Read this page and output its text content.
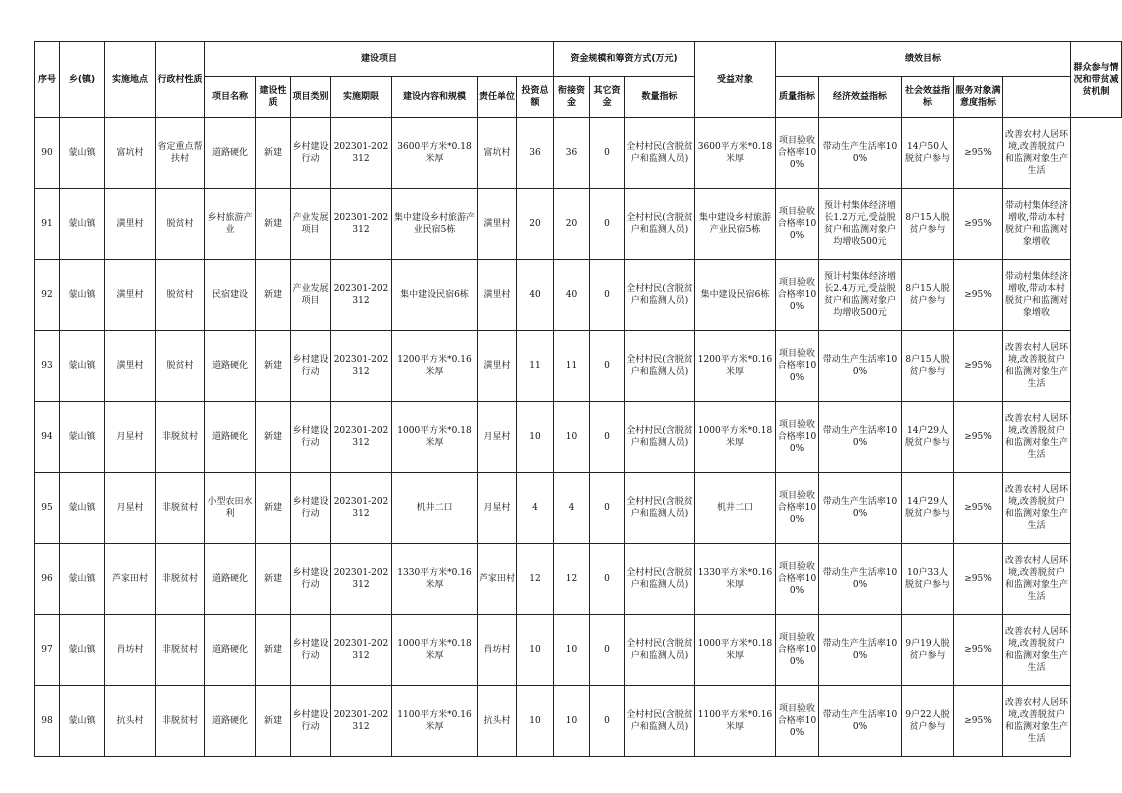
序号	乡(镇)	实施地点	行政村性质	建设项目							资金规模和筹资方式(万元)			受益对象	绩效目标					群众参与情况和带贫减贫机制
				项目名称	建设性质	项目类别	实施期限	建设内容和规模	责任单位	投资总额	衔接资金	其它资金	数量指标		质量指标	经济效益指标	社会效益指标	服务对象满意度指标		
90	蒙山镇	富坑村	省定重点帮扶村	道路硬化	新建	乡村建设行动	202301-202312	3600平方米*0.18米厚	富坑村	36	36	0	全村村民(含脱贫户和监测人员)	3600平方米*0.18米厚	项目验收合格率100%	带动生产生活率100%	14户50人脱贫户参与	≥95%	改善农村人居环境,改善脱贫户和监测对象生产生活	
91	蒙山镇	潢里村	脱贫村	乡村旅游产业	新建	产业发展项目	202301-202312	集中建设乡村旅游产业民宿5栋	潢里村	20	20	0	全村村民(含脱贫户和监测人员)	集中建设乡村旅游产业民宿5栋	项目验收合格率100%	预计村集体经济增长1.2万元,受益脱贫户和监测对象户均增收500元	8户15人脱贫户参与	≥95%	带动村集体经济增收,带动本村脱贫户和监测对象增收	
92	蒙山镇	潢里村	脱贫村	民宿建设	新建	产业发展项目	202301-202312	集中建设民宿6栋	潢里村	40	40	0	全村村民(含脱贫户和监测人员)	集中建设民宿6栋	项目验收合格率100%	预计村集体经济增长2.4万元,受益脱贫户和监测对象户均增收500元	8户15人脱贫户参与	≥95%	带动村集体经济增收,带动本村脱贫户和监测对象增收	
93	蒙山镇	潢里村	脱贫村	道路硬化	新建	乡村建设行动	202301-202312	1200平方米*0.16米厚	潢里村	11	11	0	全村村民(含脱贫户和监测人员)	1200平方米*0.16米厚	项目验收合格率100%	带动生产生活率100%	8户15人脱贫户参与	≥95%	改善农村人居环境,改善脱贫户和监测对象生产生活	
94	蒙山镇	月星村	非脱贫村	道路硬化	新建	乡村建设行动	202301-202312	1000平方米*0.18米厚	月星村	10	10	0	全村村民(含脱贫户和监测人员)	1000平方米*0.18米厚	项目验收合格率100%	带动生产生活率100%	14户29人脱贫户参与	≥95%	改善农村人居环境,改善脱贫户和监测对象生产生活	
95	蒙山镇	月星村	非脱贫村	小型农田水利	新建	乡村建设行动	202301-202312	机井二口	月星村	4	4	0	全村村民(含脱贫户和监测人员)	机井二口	项目验收合格率100%	带动生产生活率100%	14户29人脱贫户参与	≥95%	改善农村人居环境,改善脱贫户和监测对象生产生活	
96	蒙山镇	芦家田村	非脱贫村	道路硬化	新建	乡村建设行动	202301-202312	1330平方米*0.16米厚	芦家田村	12	12	0	全村村民(含脱贫户和监测人员)	1330平方米*0.16米厚	项目验收合格率100%	带动生产生活率100%	10户33人脱贫户参与	≥95%	改善农村人居环境,改善脱贫户和监测对象生产生活	
97	蒙山镇	肖坊村	非脱贫村	道路硬化	新建	乡村建设行动	202301-202312	1000平方米*0.18米厚	肖坊村	10	10	0	全村村民(含脱贫户和监测人员)	1000平方米*0.18米厚	项目验收合格率100%	带动生产生活率100%	9户19人脱贫户参与	≥95%	改善农村人居环境,改善脱贫户和监测对象生产生活	
98	蒙山镇	抗头村	非脱贫村	道路硬化	新建	乡村建设行动	202301-202312	1100平方米*0.16米厚	抗头村	10	10	0	全村村民(含脱贫户和监测人员)	1100平方米*0.16米厚	项目验收合格率100%	带动生产生活率100%	9户22人脱贫户参与	≥95%	改善农村人居环境,改善脱贫户和监测对象生产生活	
